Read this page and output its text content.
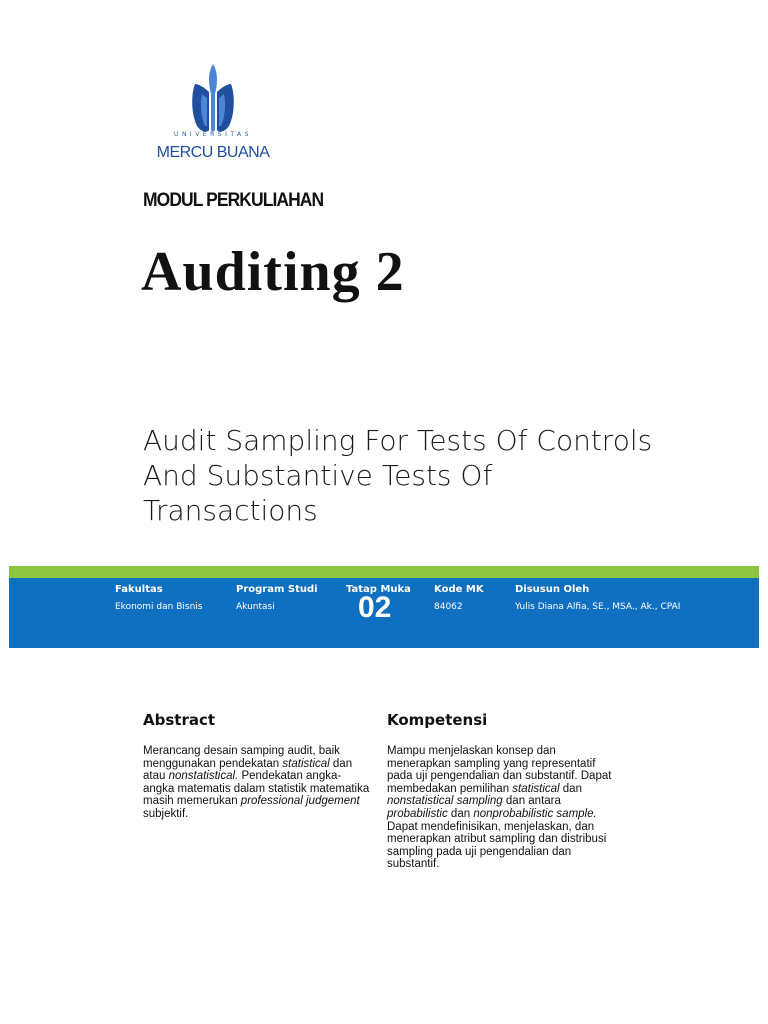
UNIVERSITAS
MERCU BUANA
MODUL PERKULIAHAN
Auditing 2
Audit Sampling For Tests Of Controls And Substantive Tests Of Transactions
Fakultas
Ekonomi dan Bisnis
Program Studi
Akuntasi
Tatap Muka
02
Kode MK
84062
Disusun Oleh
Yulis Diana Alfia, SE., MSA., Ak., CPAI
Abstract

Merancang desain samping audit, baik menggunakan pendekatan statistical dan atau nonstatistical. Pendekatan angka-angka matematis dalam statistik matematika masih memerukan professional judgement subjektif.

Kompetensi

Mampu menjelaskan konsep dan menerapkan sampling yang representatif pada uji pengendalian dan substantif. Dapat membedakan pemilihan statistical dan nonstatistical sampling dan antara probabilistic dan nonprobabilistic sample. Dapat mendefinisikan, menjelaskan, dan menerapkan atribut sampling dan distribusi sampling pada uji pengendalian dan substantif.
